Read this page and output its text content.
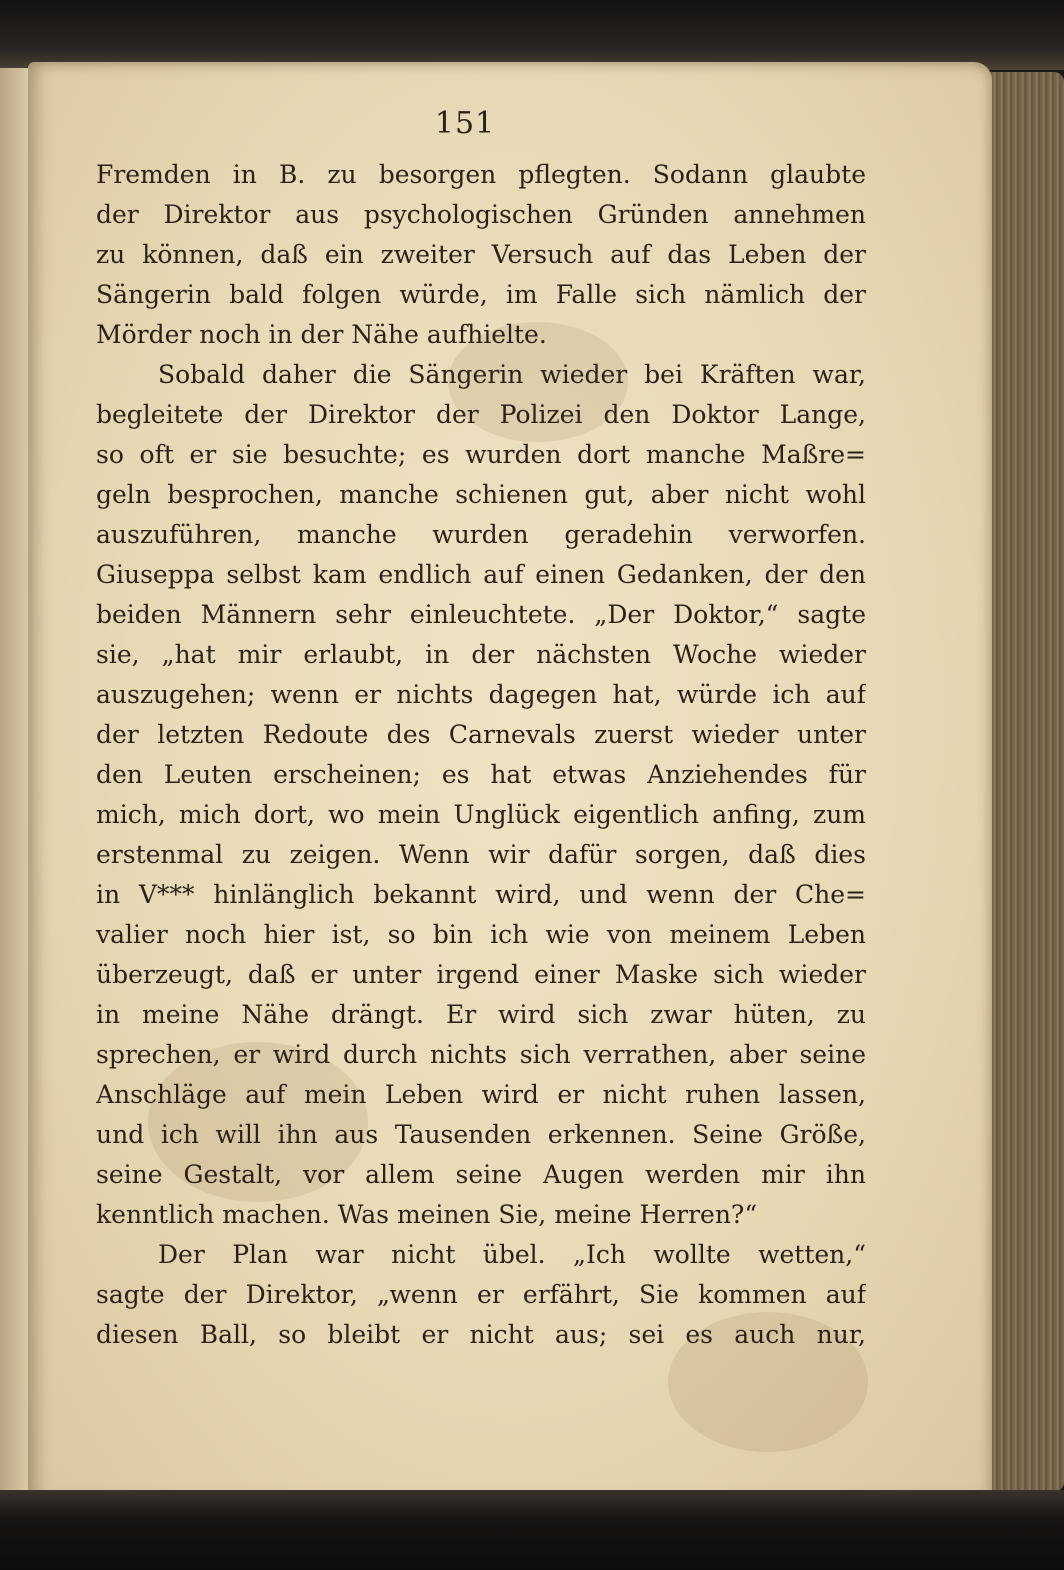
151
Fremden in B. zu besorgen pflegten. Sodann glaubte
der Direktor aus psychologischen Gründen annehmen
zu können, daß ein zweiter Versuch auf das Leben der
Sängerin bald folgen würde, im Falle sich nämlich der
Mörder noch in der Nähe aufhielte.
Sobald daher die Sängerin wieder bei Kräften war,
begleitete der Direktor der Polizei den Doktor Lange,
so oft er sie besuchte; es wurden dort manche Maßre=
geln besprochen, manche schienen gut, aber nicht wohl
auszuführen, manche wurden geradehin verworfen.
Giuseppa selbst kam endlich auf einen Gedanken, der den
beiden Männern sehr einleuchtete. „Der Doktor,“ sagte
sie, „hat mir erlaubt, in der nächsten Woche wieder
auszugehen; wenn er nichts dagegen hat, würde ich auf
der letzten Redoute des Carnevals zuerst wieder unter
den Leuten erscheinen; es hat etwas Anziehendes für
mich, mich dort, wo mein Unglück eigentlich anfing, zum
erstenmal zu zeigen. Wenn wir dafür sorgen, daß dies
in V*** hinlänglich bekannt wird, und wenn der Che=
valier noch hier ist, so bin ich wie von meinem Leben
überzeugt, daß er unter irgend einer Maske sich wieder
in meine Nähe drängt. Er wird sich zwar hüten, zu
sprechen, er wird durch nichts sich verrathen, aber seine
Anschläge auf mein Leben wird er nicht ruhen lassen,
und ich will ihn aus Tausenden erkennen. Seine Größe,
seine Gestalt, vor allem seine Augen werden mir ihn
kenntlich machen. Was meinen Sie, meine Herren?“
Der Plan war nicht übel. „Ich wollte wetten,“
sagte der Direktor, „wenn er erfährt, Sie kommen auf
diesen Ball, so bleibt er nicht aus; sei es auch nur,
